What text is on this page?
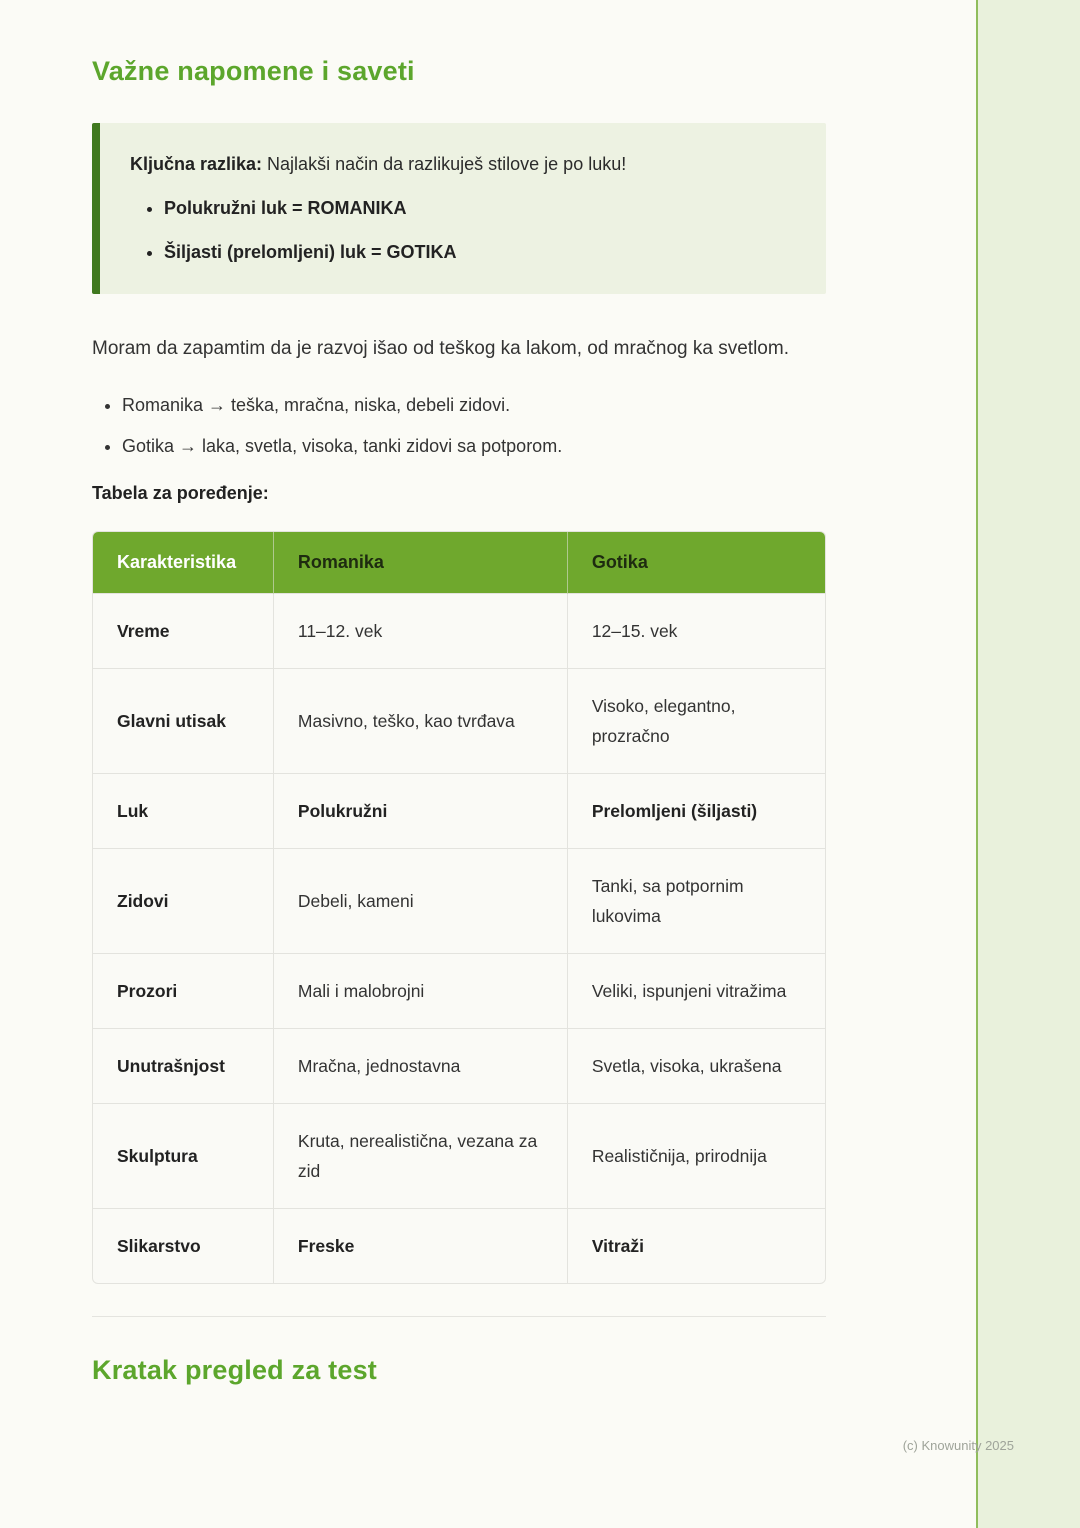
Važne napomene i saveti

Ključna razlika: Najlakši način da razlikuješ stilove je po luku!

• Polukružni luk = ROMANIKA
• Šiljasti (prelomljeni) luk = GOTIKA

Moram da zapamtim da je razvoj išao od teškog ka lakom, od mračnog ka svetlom.

• Romanika → teška, mračna, niska, debeli zidovi.
• Gotika → laka, svetla, visoka, tanki zidovi sa potporom.

Tabela za poređenje:

Karakteristika	Romanika	Gotika
Vreme	11–12. vek	12–15. vek
Glavni utisak	Masivno, teško, kao tvrđava	Visoko, elegantno, prozračno
Luk	Polukružni	Prelomljeni (šiljasti)
Zidovi	Debeli, kameni	Tanki, sa potpornim lukovima
Prozori	Mali i malobrojni	Veliki, ispunjeni vitražima
Unutrašnjost	Mračna, jednostavna	Svetla, visoka, ukrašena
Skulptura	Kruta, nerealistična, vezana za zid	Realističnija, prirodnija
Slikarstvo	Freske	Vitraži
Kratak pregled za test
(c) Knowunity 2025
